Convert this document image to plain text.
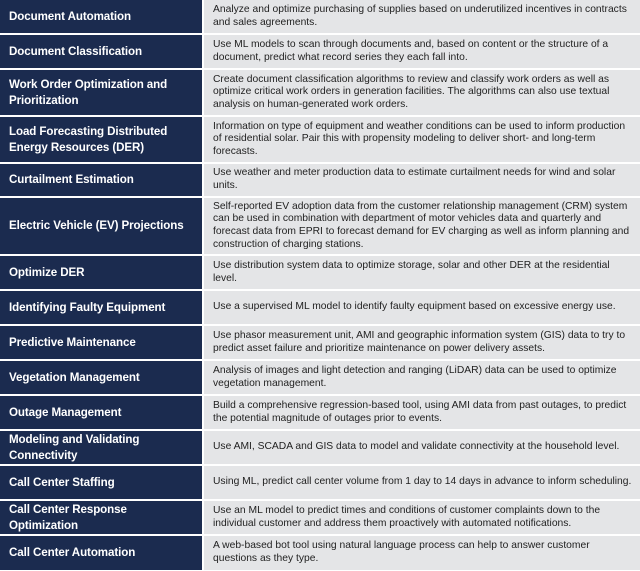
Document Automation
Analyze and optimize purchasing of supplies based on underutilized incentives in contracts and sales agreements.
Document Classification
Use ML models to scan through documents and, based on content or the structure of a document, predict what record series they each fall into.
Work Order Optimization and Prioritization
Create document classification algorithms to review and classify work orders as well as optimize critical work orders in generation facilities. The algorithms can also use textual analysis on human-generated work orders.
Load Forecasting Distributed Energy Resources (DER)
Information on type of equipment and weather conditions can be used to inform production of residential solar. Pair this with propensity modeling to deliver short- and long-term forecasts.
Curtailment Estimation
Use weather and meter production data to estimate curtailment needs for wind and solar units.
Electric Vehicle (EV) Projections
Self-reported EV adoption data from the customer relationship management (CRM) system can be used in combination with department of motor vehicles data and quarterly and forecast data from EPRI to forecast demand for EV charging as well as inform planning and construction of charging stations.
Optimize DER
Use distribution system data to optimize storage, solar and other DER at the residential level.
Identifying Faulty Equipment	Use a supervised ML model to identify faulty equipment based on excessive energy use.
Predictive Maintenance
Use phasor measurement unit, AMI and geographic information system (GIS) data to try to predict asset failure and prioritize maintenance on power delivery assets.
Vegetation Management
Analysis of images and light detection and ranging (LiDAR) data can be used to optimize vegetation management.
Outage Management
Build a comprehensive regression-based tool, using AMI data from past outages, to predict the potential magnitude of outages prior to events.
Modeling and Validating Connectivity
Use AMI, SCADA and GIS data to model and validate connectivity at the household level.
Call Center Staffing	Using ML, predict call center volume from 1 day to 14 days in advance to inform scheduling.
Call Center Response Optimization
Use an ML model to predict times and conditions of customer complaints down to the individual customer and address them proactively with automated notifications.
Call Center Automation
A web-based bot tool using natural language process can help to answer customer questions as they type.
